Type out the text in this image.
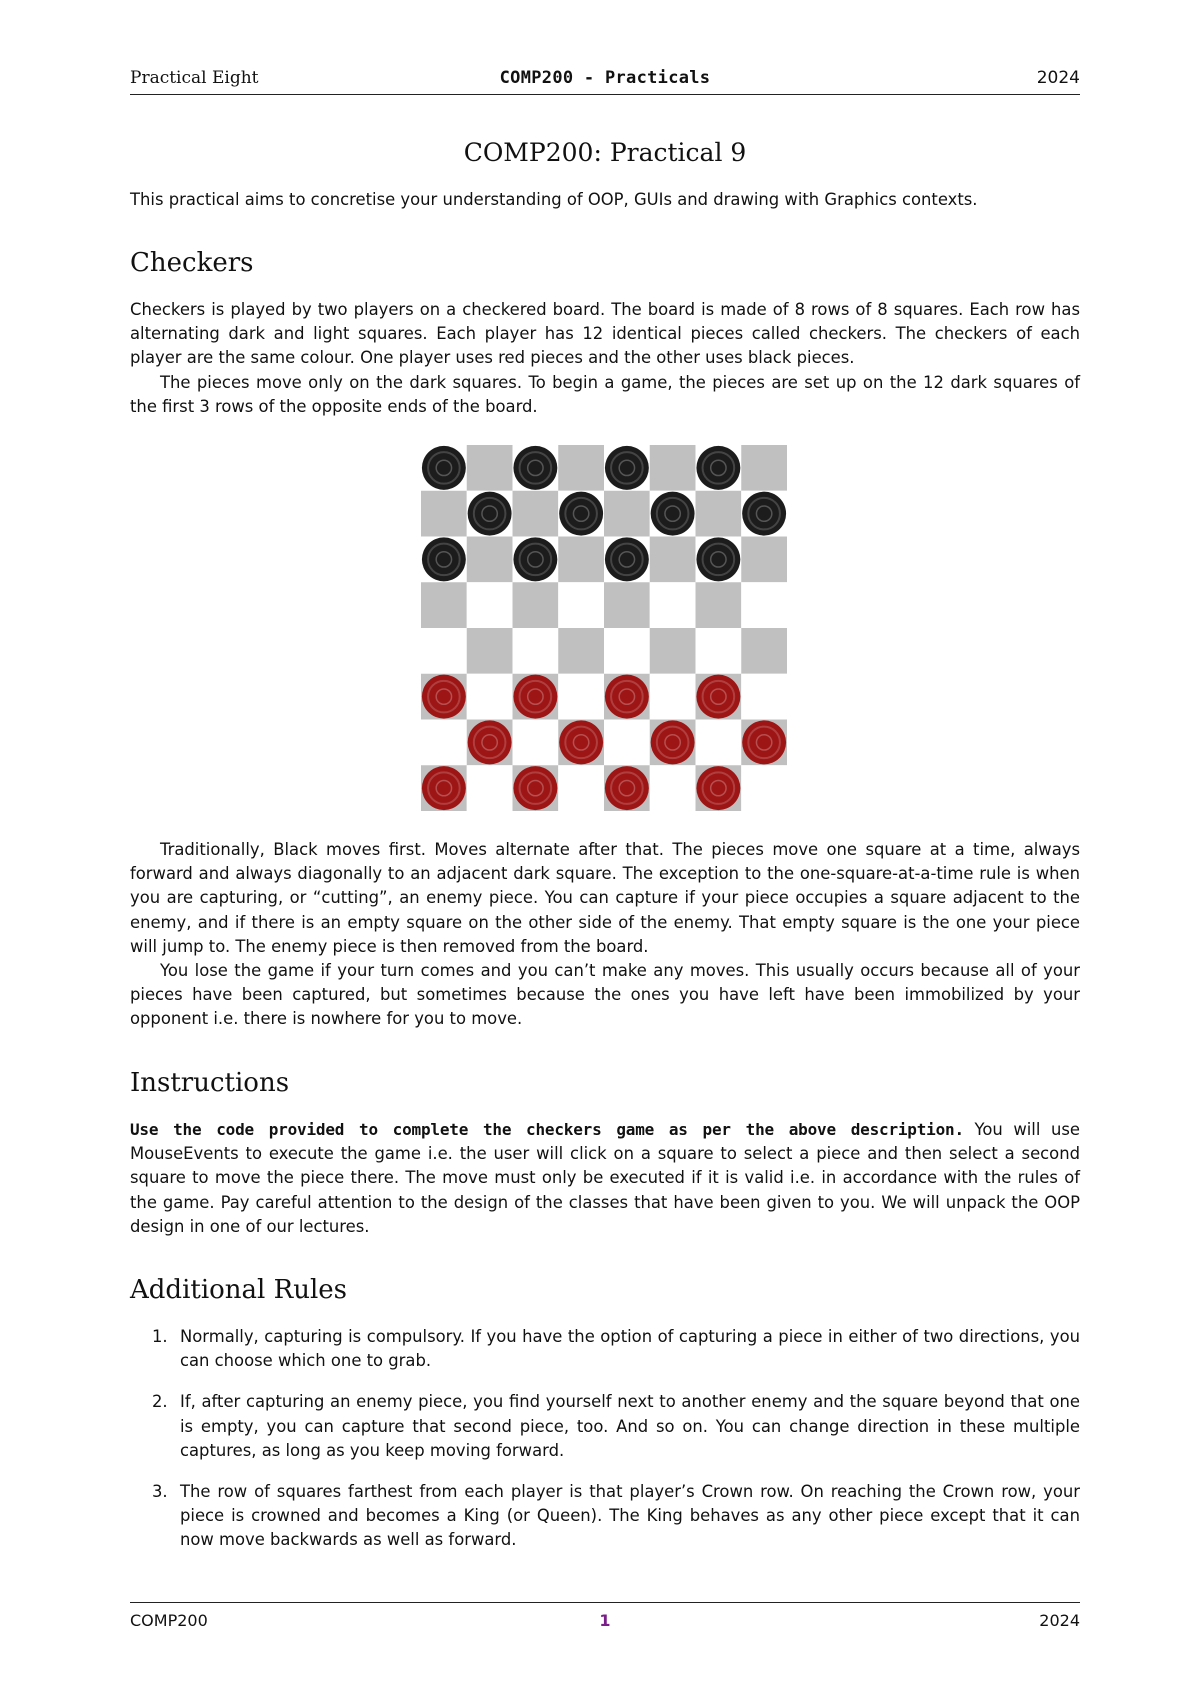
Practical Eight	COMP200 - Practicals	2024
COMP200: Practical 9

This practical aims to concretise your understanding of OOP, GUIs and drawing with Graphics contexts.

Checkers

Checkers is played by two players on a checkered board. The board is made of 8 rows of 8 squares. Each row has alternating dark and light squares. Each player has 12 identical pieces called checkers. The checkers of each player are the same colour. One player uses red pieces and the other uses black pieces.

The pieces move only on the dark squares. To begin a game, the pieces are set up on the 12 dark squares of the first 3 rows of the opposite ends of the board.

Traditionally, Black moves first. Moves alternate after that. The pieces move one square at a time, always forward and always diagonally to an adjacent dark square. The exception to the one-square-at-a-time rule is when you are capturing, or “cutting”, an enemy piece. You can capture if your piece occupies a square adjacent to the enemy, and if there is an empty square on the other side of the enemy. That empty square is the one your piece will jump to. The enemy piece is then removed from the board.

You lose the game if your turn comes and you can’t make any moves. This usually occurs because all of your pieces have been captured, but sometimes because the ones you have left have been immobilized by your opponent i.e. there is nowhere for you to move.

Instructions

Use the code provided to complete the checkers game as per the above description. You will use MouseEvents to execute the game i.e. the user will click on a square to select a piece and then select a second square to move the piece there. The move must only be executed if it is valid i.e. in accordance with the rules of the game. Pay careful attention to the design of the classes that have been given to you. We will unpack the OOP design in one of our lectures.

Additional Rules
1. Normally, capturing is compulsory. If you have the option of capturing a piece in either of two directions, you can choose which one to grab.
2. If, after capturing an enemy piece, you find yourself next to another enemy and the square beyond that one is empty, you can capture that second piece, too. And so on. You can change direction in these multiple captures, as long as you keep moving forward.
3. The row of squares farthest from each player is that player’s Crown row. On reaching the Crown row, your piece is crowned and becomes a King (or Queen). The King behaves as any other piece except that it can now move backwards as well as forward.
COMP200	1	2024
